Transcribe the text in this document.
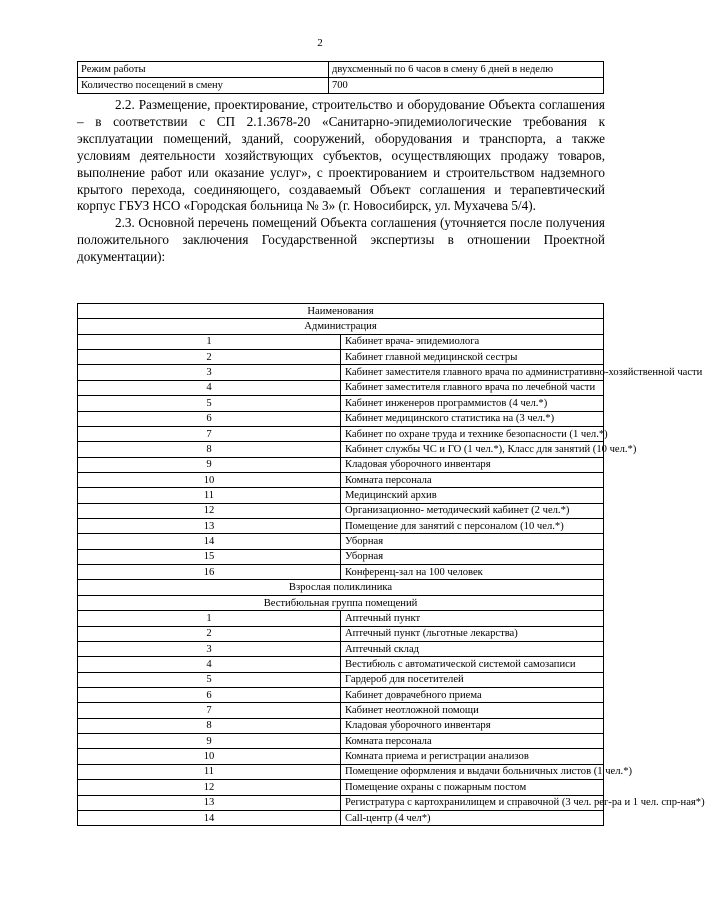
2
Режим работы	двухсменный по 6 часов в смену 6 дней в неделю
Количество посещений в смену	700

2.2. Размещение, проектирование, строительство и оборудование Объекта соглашения – в соответствии с СП 2.1.3678-20 «Санитарно-эпидемиологические требования к эксплуатации помещений, зданий, сооружений, оборудования и транспорта, а также условиям деятельности хозяйствующих субъектов, осуществляющих продажу товаров, выполнение работ или оказание услуг», с проектированием и строительством надземного крытого перехода, соединяющего, создаваемый Объект соглашения и терапевтический корпус ГБУЗ НСО «Городская больница № 3» (г. Новосибирск, ул. Мухачева 5/4).

2.3. Основной перечень помещений Объекта соглашения (уточняется после получения положительного заключения Государственной экспертизы в отношении Проектной документации):

Наименования	
Администрация	
1	Кабинет врача- эпидемиолога
2	Кабинет главной медицинской сестры
3	Кабинет заместителя главного врача по административно-хозяйственной части
4	Кабинет заместителя главного врача по лечебной части
5	Кабинет инженеров программистов (4 чел.*)
6	Кабинет медицинского статистика на (3 чел.*)
7	Кабинет по охране труда и технике безопасности (1 чел.*)
8	Кабинет службы ЧС и ГО (1 чел.*), Класс для занятий (10 чел.*)
9	Кладовая уборочного инвентаря
10	Комната персонала
11	Медицинский архив
12	Организационно- методический кабинет (2 чел.*)
13	Помещение для занятий с персоналом (10 чел.*)
14	Уборная
15	Уборная
16	Конференц-зал на 100 человек
Взрослая поликлиника	
Вестибюльная группа помещений	
1	Аптечный пункт
2	Аптечный пункт (льготные лекарства)
3	Аптечный склад
4	Вестибюль с автоматической системой самозаписи
5	Гардероб для посетителей
6	Кабинет доврачебного приема
7	Кабинет неотложной помощи
8	Кладовая уборочного инвентаря
9	Комната персонала
10	Комната приема и регистрации анализов
11	Помещение оформления и выдачи больничных листов (1 чел.*)
12	Помещение охраны с пожарным постом
13	Регистратура с картохранилищем и справочной (3 чел. рег-ра и 1 чел. спр-ная*)
14	Call-центр (4 чел*)
